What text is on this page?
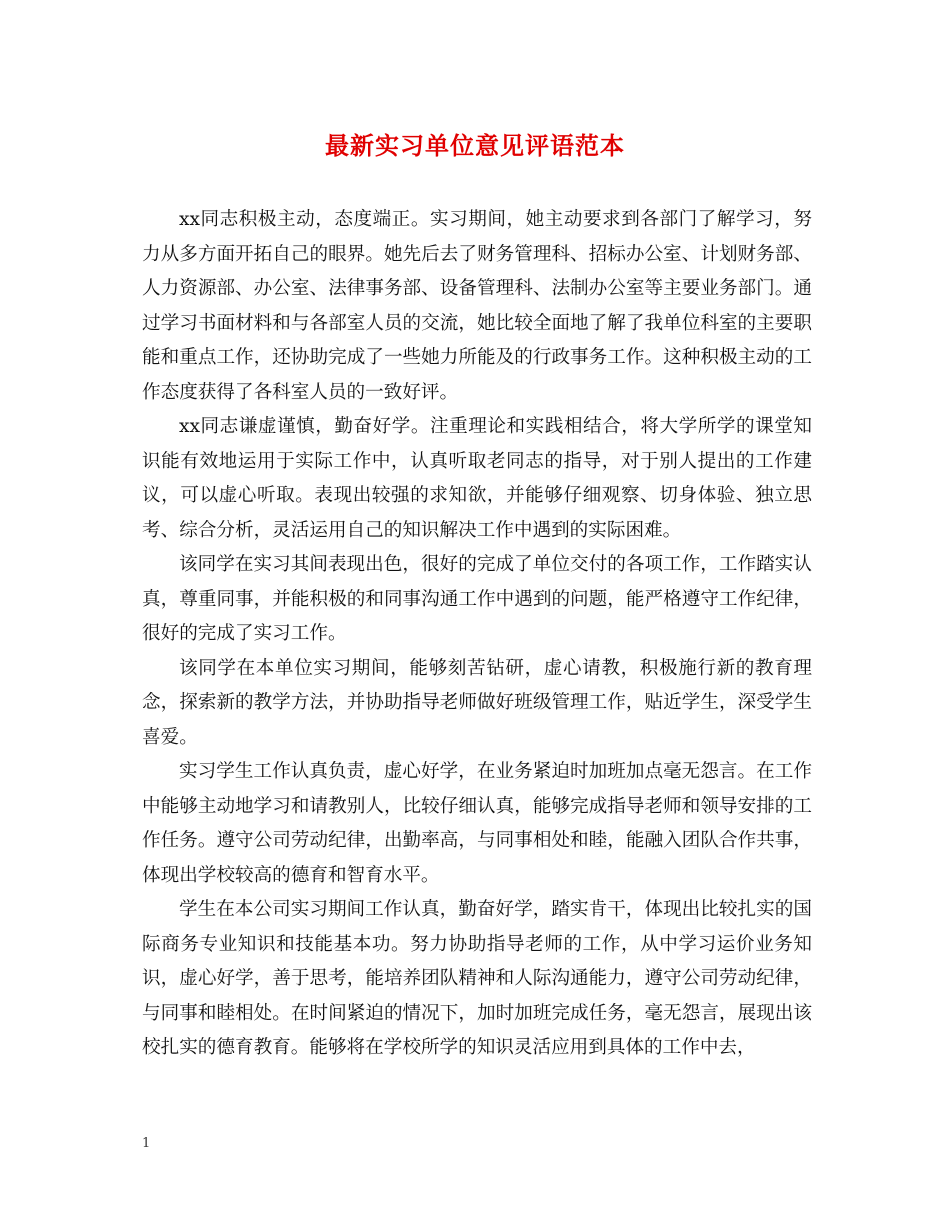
最新实习单位意见评语范本

xx同志积极主动，态度端正。实习期间，她主动要求到各部门了解学习，努力从多方面开拓自己的眼界。她先后去了财务管理科、招标办公室、计划财务部、人力资源部、办公室、法律事务部、设备管理科、法制办公室等主要业务部门。通过学习书面材料和与各部室人员的交流，她比较全面地了解了我单位科室的主要职能和重点工作，还协助完成了一些她力所能及的行政事务工作。这种积极主动的工作态度获得了各科室人员的一致好评。

xx同志谦虚谨慎，勤奋好学。注重理论和实践相结合，将大学所学的课堂知识能有效地运用于实际工作中，认真听取老同志的指导，对于别人提出的工作建议，可以虚心听取。表现出较强的求知欲，并能够仔细观察、切身体验、独立思考、综合分析，灵活运用自己的知识解决工作中遇到的实际困难。

该同学在实习其间表现出色，很好的完成了单位交付的各项工作，工作踏实认真，尊重同事，并能积极的和同事沟通工作中遇到的问题，能严格遵守工作纪律，很好的完成了实习工作。

该同学在本单位实习期间，能够刻苦钻研，虚心请教，积极施行新的教育理念，探索新的教学方法，并协助指导老师做好班级管理工作，贴近学生，深受学生喜爱。

实习学生工作认真负责，虚心好学，在业务紧迫时加班加点毫无怨言。在工作中能够主动地学习和请教别人，比较仔细认真，能够完成指导老师和领导安排的工作任务。遵守公司劳动纪律，出勤率高，与同事相处和睦，能融入团队合作共事，体现出学校较高的德育和智育水平。

学生在本公司实习期间工作认真，勤奋好学，踏实肯干，体现出比较扎实的国际商务专业知识和技能基本功。努力协助指导老师的工作，从中学习运价业务知识，虚心好学，善于思考，能培养团队精神和人际沟通能力，遵守公司劳动纪律，与同事和睦相处。在时间紧迫的情况下，加时加班完成任务，毫无怨言，展现出该校扎实的德育教育。能够将在学校所学的知识灵活应用到具体的工作中去，

1
